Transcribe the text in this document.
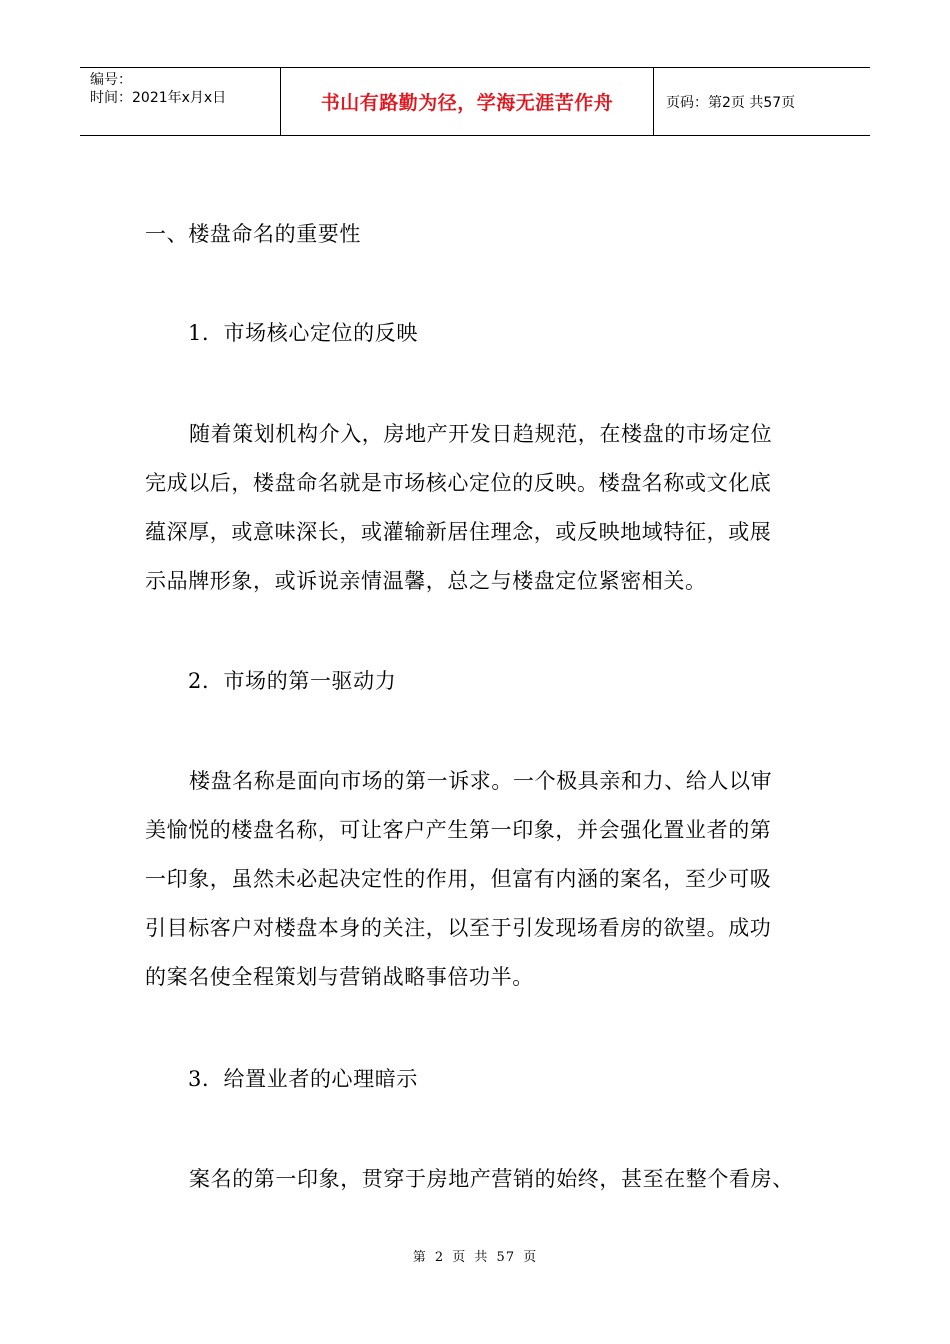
编号：
时间：2021年x月x日	书山有路勤为径，学海无涯苦作舟	页码：第2页 共57页
一、楼盘命名的重要性
1．市场核心定位的反映
随着策划机构介入，房地产开发日趋规范，在楼盘的市场定位
完成以后，楼盘命名就是市场核心定位的反映。楼盘名称或文化底
蕴深厚，或意味深长，或灌输新居住理念，或反映地域特征，或展
示品牌形象，或诉说亲情温馨，总之与楼盘定位紧密相关。
2．市场的第一驱动力
楼盘名称是面向市场的第一诉求。一个极具亲和力、给人以审
美愉悦的楼盘名称，可让客户产生第一印象，并会强化置业者的第
一印象，虽然未必起决定性的作用，但富有内涵的案名，至少可吸
引目标客户对楼盘本身的关注，以至于引发现场看房的欲望。成功
的案名使全程策划与营销战略事倍功半。
3．给置业者的心理暗示
案名的第一印象，贯穿于房地产营销的始终，甚至在整个看房、
第 2 页 共 57 页
